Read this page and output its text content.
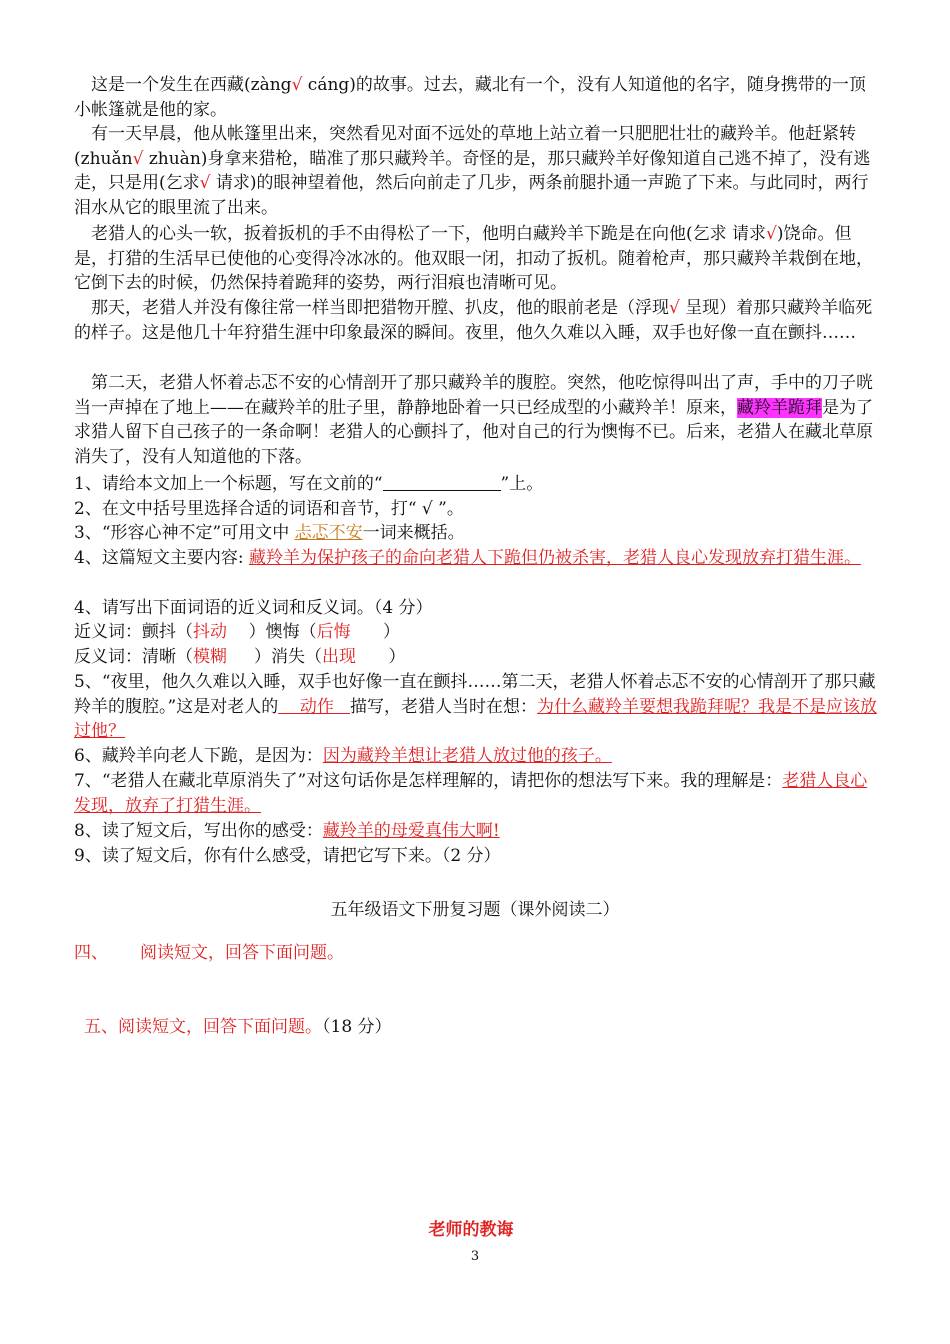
这是一个发生在西藏(zàng√ cáng)的故事。过去，藏北有一个，没有人知道他的名字，随身携带的一顶小帐篷就是他的家。

有一天早晨，他从帐篷里出来，突然看见对面不远处的草地上站立着一只肥肥壮壮的藏羚羊。他赶紧转(zhuǎn√ zhuàn)身拿来猎枪，瞄准了那只藏羚羊。奇怪的是，那只藏羚羊好像知道自己逃不掉了，没有逃走，只是用(乞求√ 请求)的眼神望着他，然后向前走了几步，两条前腿扑通一声跪了下来。与此同时，两行泪水从它的眼里流了出来。

老猎人的心头一软，扳着扳机的手不由得松了一下，他明白藏羚羊下跪是在向他(乞求 请求√)饶命。但是，打猎的生活早已使他的心变得冷冰冰的。他双眼一闭，扣动了扳机。随着枪声，那只藏羚羊栽倒在地，它倒下去的时候，仍然保持着跪拜的姿势，两行泪痕也清晰可见。

那天，老猎人并没有像往常一样当即把猎物开膛、扒皮，他的眼前老是（浮现√ 呈现）着那只藏羚羊临死的样子。这是他几十年狩猎生涯中印象最深的瞬间。夜里，他久久难以入睡，双手也好像一直在颤抖……

第二天，老猎人怀着忐忑不安的心情剖开了那只藏羚羊的腹腔。突然，他吃惊得叫出了声，手中的刀子咣当一声掉在了地上——在藏羚羊的肚子里，静静地卧着一只已经成型的小藏羚羊！原来，藏羚羊跪拜是为了求猎人留下自己孩子的一条命啊！老猎人的心颤抖了，他对自己的行为懊悔不已。后来，老猎人在藏北草原消失了，没有人知道他的下落。

1、请给本文加上一个标题，写在文前的“	”上。

2、在文中括号里选择合适的词语和音节，打“ √ ”。

3、“形容心神不定”可用文中 忐忑不安一词来概括。

4、这篇短文主要内容: 藏羚羊为保护孩子的命向老猎人下跪但仍被杀害，老猎人良心发现放弃打猎生涯。

4、请写出下面词语的近义词和反义词。（4 分）

近义词：颤抖（抖动    ）懊悔（后悔      ）

反义词：清晰（模糊     ）消失（出现      ）

5、“夜里，他久久难以入睡，双手也好像一直在颤抖……第二天，老猎人怀着忐忑不安的心情剖开了那只藏羚羊的腹腔。”这是对老人的    动作   描写，老猎人当时在想：为什么藏羚羊要想我跪拜呢？我是不是应该放过他？

6、藏羚羊向老人下跪，是因为：因为藏羚羊想让老猎人放过他的孩子。

7、“老猎人在藏北草原消失了”对这句话你是怎样理解的，请把你的想法写下来。我的理解是：老猎人良心发现，放弃了打猎生涯。

8、读了短文后，写出你的感受：藏羚羊的母爱真伟大啊!

9、读了短文后，你有什么感受，请把它写下来。（2 分）

五年级语文下册复习题（课外阅读二）

四、 阅读短文，回答下面问题。

五、阅读短文，回答下面问题。（18 分）

老师的教诲
3
